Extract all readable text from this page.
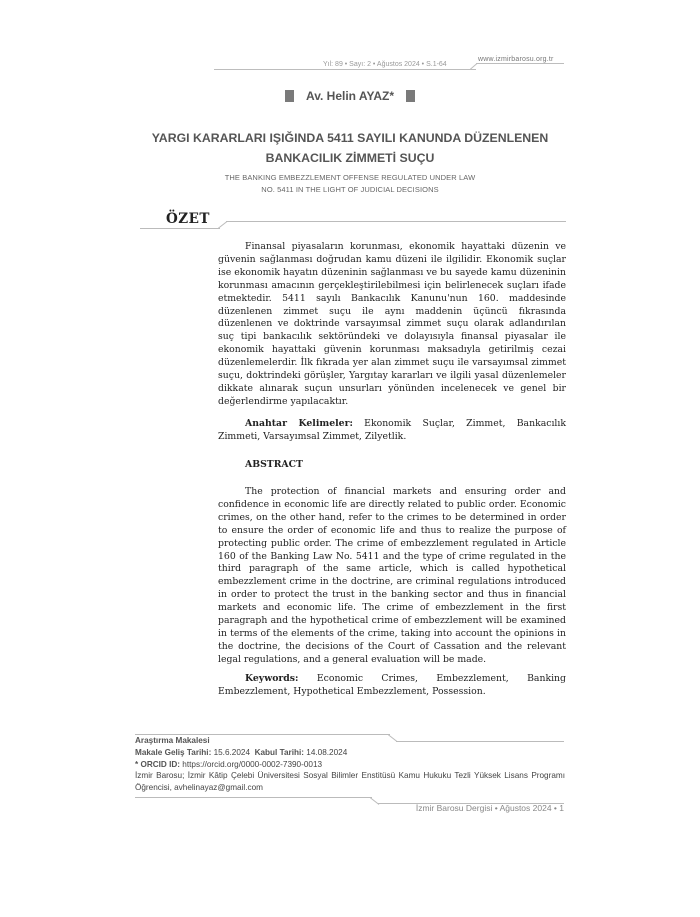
www.izmirbarosu.org.tr
Yıl: 89 • Sayı: 2 • Ağustos 2024 • S.1-64
Av. Helin AYAZ*
YARGI KARARLARI IŞIĞINDA 5411 SAYILI KANUNDA DÜZENLENEN
BANKACILIK ZİMMETİ SUÇU
THE BANKING EMBEZZLEMENT OFFENSE REGULATED UNDER LAW
NO. 5411 IN THE LIGHT OF JUDICIAL DECISIONS
ÖZET

Finansal piyasaların korunması, ekonomik hayattaki düzenin ve güvenin sağlanması doğrudan kamu düzeni ile ilgilidir. Ekonomik suçlar ise ekonomik hayatın düzeninin sağlanması ve bu sayede kamu düzeninin korunması amacının gerçekleştirilebilmesi için belirlenecek suçları ifade etmektedir. 5411 sayılı Bankacılık Kanunu'nun 160. maddesinde düzenlenen zimmet suçu ile aynı maddenin üçüncü fıkrasında düzenlenen ve doktrinde varsayımsal zimmet suçu olarak adlandırılan suç tipi bankacılık sektöründeki ve dolayısıyla finansal piyasalar ile ekonomik hayattaki güvenin korunması maksadıyla getirilmiş cezai düzenlemelerdir. İlk fıkrada yer alan zimmet suçu ile varsayımsal zimmet suçu, doktrindeki görüşler, Yargıtay kararları ve ilgili yasal düzenlemeler dikkate alınarak suçun unsurları yönünden incelenecek ve genel bir değerlendirme yapılacaktır.

Anahtar Kelimeler: Ekonomik Suçlar, Zimmet, Bankacılık Zimmeti, Varsayımsal Zimmet, Zilyetlik.

ABSTRACT

The protection of financial markets and ensuring order and confidence in economic life are directly related to public order. Economic crimes, on the other hand, refer to the crimes to be determined in order to ensure the order of economic life and thus to realize the purpose of protecting public order. The crime of embezzlement regulated in Article 160 of the Banking Law No. 5411 and the type of crime regulated in the third paragraph of the same article, which is called hypothetical embezzlement crime in the doctrine, are criminal regulations introduced in order to protect the trust in the banking sector and thus in financial markets and economic life. The crime of embezzlement in the first paragraph and the hypothetical crime of embezzlement will be examined in terms of the elements of the crime, taking into account the opinions in the doctrine, the decisions of the Court of Cassation and the relevant legal regulations, and a general evaluation will be made.

Keywords: Economic Crimes, Embezzlement, Banking Embezzlement, Hypothetical Embezzlement, Possession.

Araştırma Makalesi
Makale Geliş Tarihi: 15.6.2024 Kabul Tarihi: 14.08.2024
* ORCID ID: https://orcid.org/0000-0002-7390-0013
İzmir Barosu; İzmir Kâtip Çelebi Üniversitesi Sosyal Bilimler Enstitüsü Kamu Hukuku Tezli Yüksek Lisans Programı Öğrencisi, avhelinayaz@gmail.com
İzmir Barosu Dergisi • Ağustos 2024 • 1
